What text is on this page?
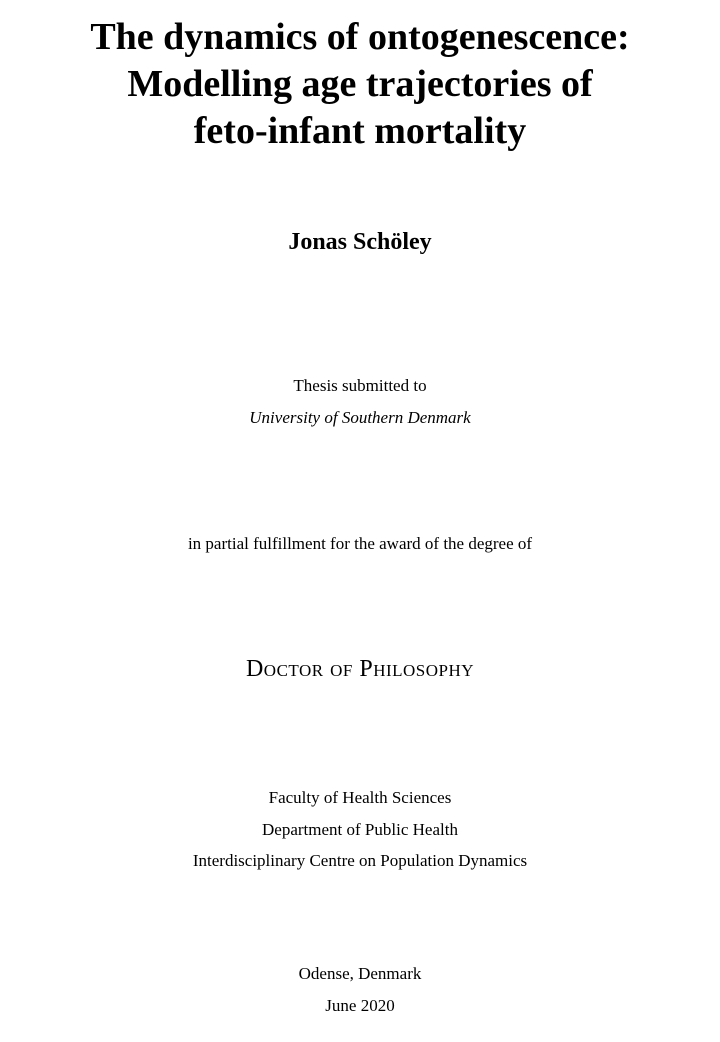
The dynamics of ontogenescence:
Modelling age trajectories of
feto-infant mortality
Jonas Schöley
Thesis submitted to
University of Southern Denmark
in partial fulfillment for the award of the degree of
Doctor of Philosophy
Faculty of Health Sciences
Department of Public Health
Interdisciplinary Centre on Population Dynamics
Odense, Denmark
June 2020
